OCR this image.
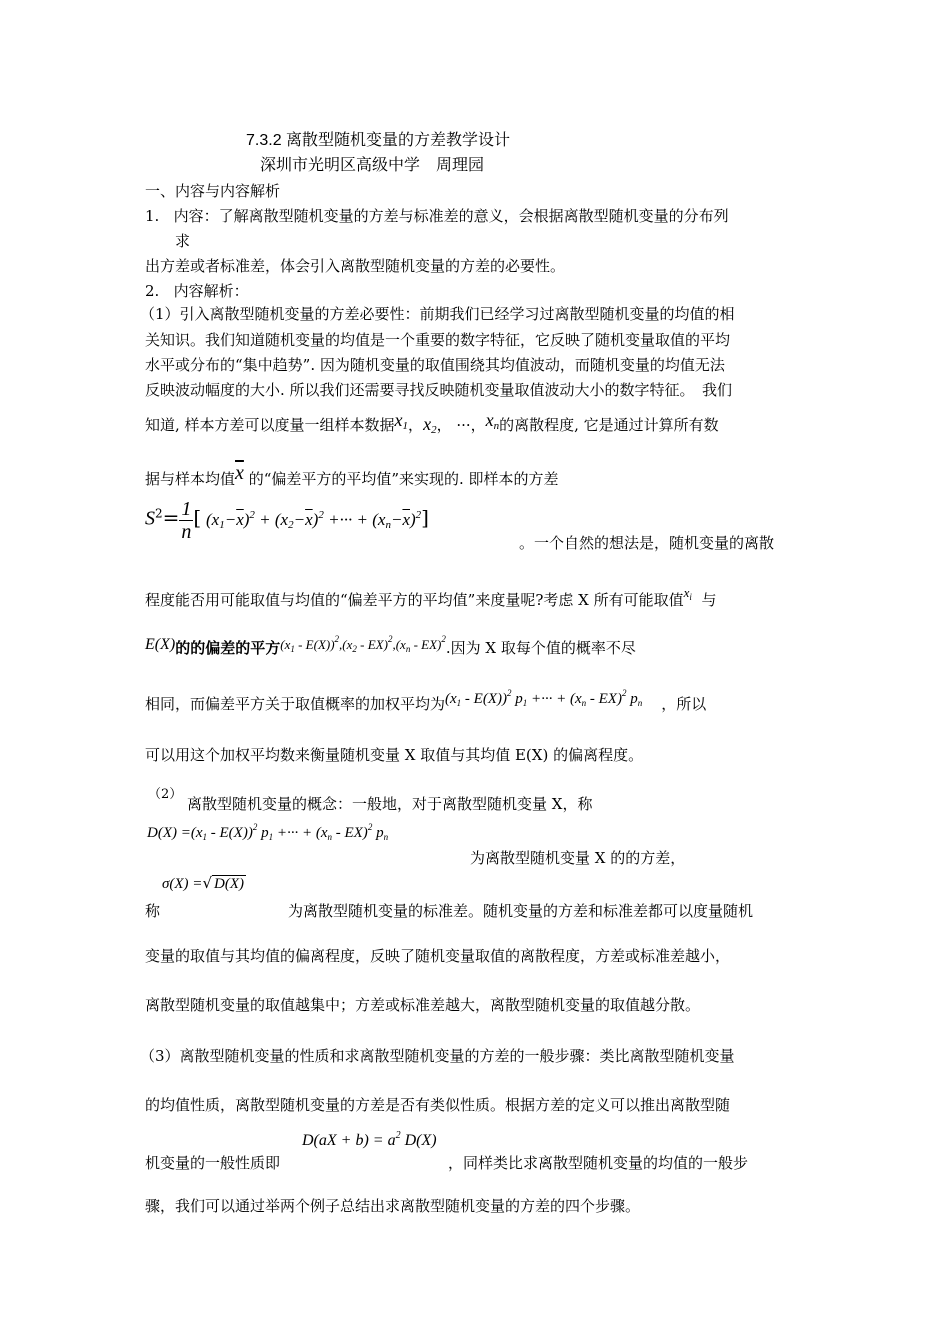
7.3.2 离散型随机变量的方差教学设计
深圳市光明区高级中学　周理园
一、内容与内容解析
1.   内容：了解离散型随机变量的方差与标准差的意义，会根据离散型随机变量的分布列
求
出方差或者标准差，体会引入离散型随机变量的方差的必要性。
2.   内容解析：
（1）引入离散型随机变量的方差必要性：前期我们已经学习过离散型随机变量的均值的相
关知识。我们知道随机变量的均值是一个重要的数字特征，它反映了随机变量取值的平均
水平或分布的“集中趋势”. 因为随机变量的取值围绕其均值波动，而随机变量的均值无法
反映波动幅度的大小. 所以我们还需要寻找反映随机变量取值波动大小的数字特征。　我们
知道, 样本方差可以度量一组样本数据$x_1$，$x_2$， ···，$x_n$的离散程度, 它是通过计算所有数
据与样本均值$\overline{x}$ 的“偏差平方的平均值”来实现的. 即样本的方差
$S^2= \frac{1}{n}$ [ $(x_1-\overline{x})^2 + (x_2-\overline{x})^2$ +··· + $(x_n-\overline{x})^2$]
。一个自然的想法是，随机变量的离散
程度能否用可能取值与均值的“偏差平方的平均值”来度量呢?考虑 X 所有可能取值$x_i$ 与
E(X)的的偏差的平方$(x_1 - E(X))^2,(x_2 - EX)^2,(x_n - EX)^2$.因为 X 取每个值的概率不尽
相同，而偏差平方关于取值概率的加权平均为$(x_1 - E(X))^2$ $p_1$ +··· + $(x_n - EX)^2$ $p_n$ ，所以
可以用这个加权平均数来衡量随机变量 X 取值与其均值 E(X) 的偏离程度。
（2）
离散型随机变量的概念：一般地，对于离散型随机变量 X，称
$D(X) =(x_1 - E(X))^2$ $p_1$ +··· + $(x_n - EX)^2$ $p_n$
为离散型随机变量 X 的的方差，
σ(X) =√ D(X)
称	为离散型随机变量的标准差。随机变量的方差和标准差都可以度量随机
变量的取值与其均值的偏离程度，反映了随机变量取值的离散程度，方差或标准差越小，
离散型随机变量的取值越集中；方差或标准差越大，离散型随机变量的取值越分散。
（3）离散型随机变量的性质和求离散型随机变量的方差的一般步骤：类比离散型随机变量
的均值性质，离散型随机变量的方差是否有类似性质。根据方差的定义可以推出离散型随
$D(aX + b) = a^2$ D(X)
机变量的一般性质即	，同样类比求离散型随机变量的均值的一般步
骤，我们可以通过举两个例子总结出求离散型随机变量的方差的四个步骤。
